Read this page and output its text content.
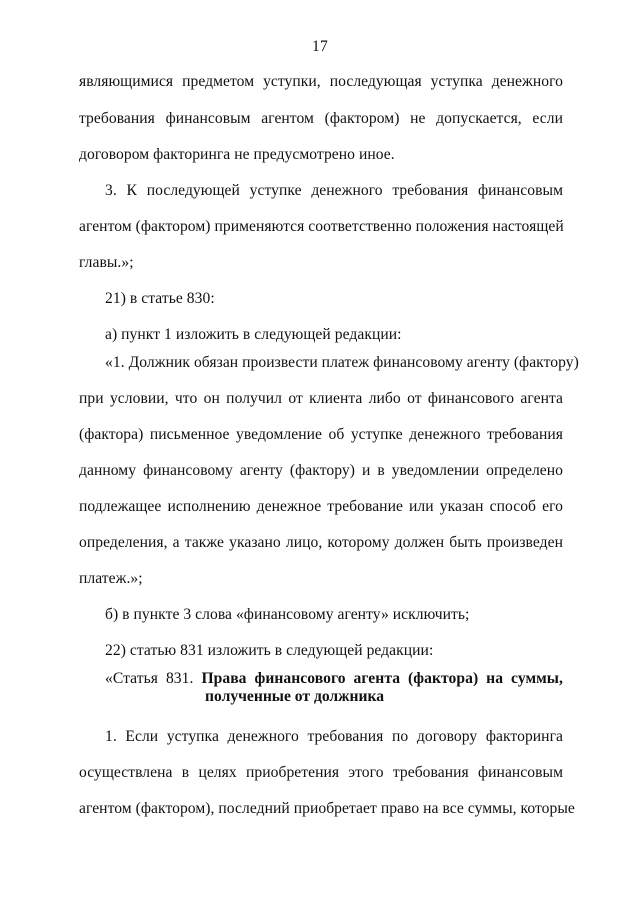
17
являющимися предметом уступки, последующая уступка денежного
требования финансовым агентом (фактором) не допускается, если
договором факторинга не предусмотрено иное.
3. К последующей уступке денежного требования финансовым
агентом (фактором) применяются соответственно положения настоящей
главы.»;
21) в статье 830:
а) пункт 1 изложить в следующей редакции:
«1. Должник обязан произвести платеж финансовому агенту (фактору)
при условии, что он получил от клиента либо от финансового агента
(фактора) письменное уведомление об уступке денежного требования
данному финансовому агенту (фактору) и в уведомлении определено
подлежащее исполнению денежное требование или указан способ его
определения, а также указано лицо, которому должен быть произведен
платеж.»;
б) в пункте 3 слова «финансовому агенту» исключить;
22) статью 831 изложить в следующей редакции:
«Статья 831. Права финансового агента (фактора) на суммы,
полученные от должника
1. Если уступка денежного требования по договору факторинга
осуществлена в целях приобретения этого требования финансовым
агентом (фактором), последний приобретает право на все суммы, которые
